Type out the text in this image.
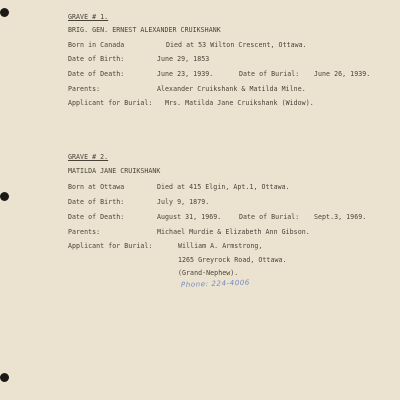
GRAVE # 1.
BRIG. GEN. ERNEST ALEXANDER CRUIKSHANK
Born in Canada	Died at 53 Wilton Crescent, Ottawa.
Date of Birth:	June 29, 1853
Date of Death:	June 23, 1939.	Date of Burial: June 26, 1939.
Parents:	Alexander Cruikshank & Matilda Milne.
Applicant for Burial: Mrs. Matilda Jane Cruikshank (Widow).
GRAVE # 2.
MATILDA JANE CRUIKSHANK
Born at Ottawa	Died at 415 Elgin, Apt.1, Ottawa.
Date of Birth:	July 9, 1879.
Date of Death:	August 31, 1969.	Date of Burial: Sept.3, 1969.
Parents:	Michael Murdie & Elizabeth Ann Gibson.
Applicant for Burial:	William A. Armstrong,
1265 Greyrock Road, Ottawa.
(Grand-Nephew).
Phone: 224-4006
